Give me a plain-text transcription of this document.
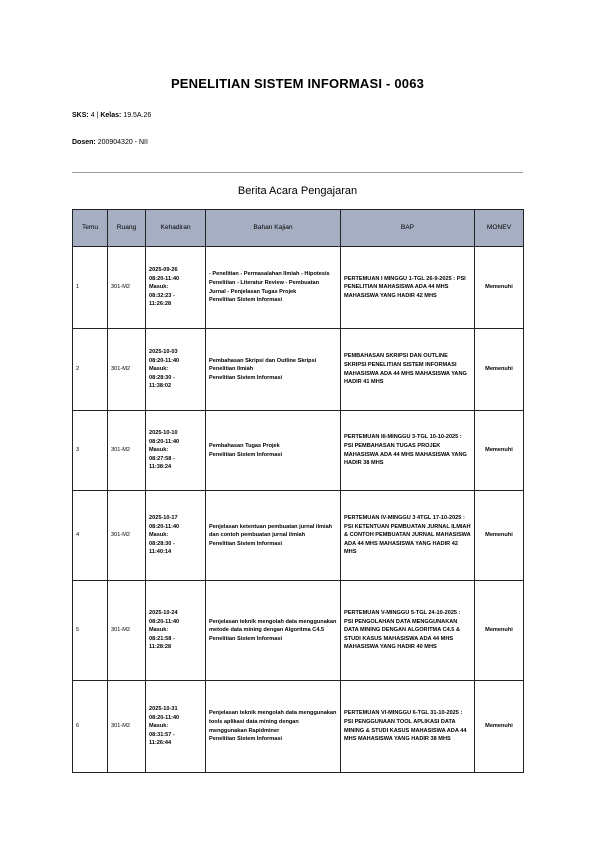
PENELITIAN SISTEM INFORMASI - 0063
SKS: 4 | Kelas: 19.5A.26
Dosen: 200904320 - NII
Berita Acara Pengajaran
Temu	Ruang	Kehadiran	Bahan Kajian	BAP	MONEV
1	301-M2	2025-09-26
08:20-11:40
Masuk:
08:32:23 -
11:26:28	- Penelitian - Permasalahan Ilmiah - Hipotesis Penelitian - Literatur Review - Pembuatan Jurnal - Penjelasan Tugas Projek
Penelitian Sistem Informasi	PERTEMUAN I MINGGU 1-TGL 26-9-2025 : PSI PENELITIAN MAHASISWA ADA 44 MHS MAHASISWA YANG HADIR 42 MHS	Memenuhi
2	301-M2	2025-10-03
08:20-11:40
Masuk:
08:28:30 -
11:38:02	Pembahasan Skripsi dan Outline Skripsi Penelitian Ilmiah
Penelitian Sistem Informasi	PEMBAHASAN SKRIPSI DAN OUTLINE SKRIPSI PENELITIAN SISTEM INFORMASI MAHASISWA ADA 44 MHS MAHASISWA YANG HADIR 41 MHS	Memenuhi
3	301-M2	2025-10-10
08:20-11:40
Masuk:
08:27:58 -
11:38:24	Pembahasan Tugas Projek
Penelitian Sistem Informasi	PERTEMUAN III-MINGGU 3-TGL 10-10-2025 : PSI PEMBAHASAN TUGAS PROJEK MAHASISWA ADA 44 MHS MAHASISWA YANG HADIR 38 MHS	Memenuhi
4	301-M2	2025-10-17
08:20-11:40
Masuk:
08:28:30 -
11:40:14	Penjelasan ketentuan pembuatan jurnal ilmiah dan contoh pembuatan jurnal ilmiah
Penelitian Sistem Informasi	PERTEMUAN IV-MINGGU 3 4TGL 17-10-2025 : PSI KETENTUAN PEMBUATAN JURNAL ILMIAH & CONTOH PEMBUATAN JURNAL MAHASISWA ADA 44 MHS MAHASISWA YANG HADIR 42 MHS	Memenuhi
5	301-M2	2025-10-24
08:20-11:40
Masuk:
08:21:58 -
11:28:28	Penjelasan teknik mengolah data menggunakan metode data mining dengan Algoritma C4.5
Penelitian Sistem Informasi	PERTEMUAN V-MINGGU 5-TGL 24-10-2025 : PSI PENGOLAHAN DATA MENGGUNAKAN DATA MINING DENGAN ALGORITMA C4.5 & STUDI KASUS MAHASISWA ADA 44 MHS MAHASISWA YANG HADIR 40 MHS	Memenuhi
6	301-M2	2025-10-31
08:20-11:40
Masuk:
08:31:57 -
11:26:44	Penjelasan teknik mengolah data menggunakan tools aplikasi data mining dengan menggunakan Rapidminer
Penelitian Sistem Informasi	PERTEMUAN VI-MINGGU 6-TGL 31-10-2025 : PSI PENGGUNAAN TOOL APLIKASI DATA MINING & STUDI KASUS MAHASISWA ADA 44 MHS MAHASISWA YANG HADIR 38 MHS	Memenuhi
